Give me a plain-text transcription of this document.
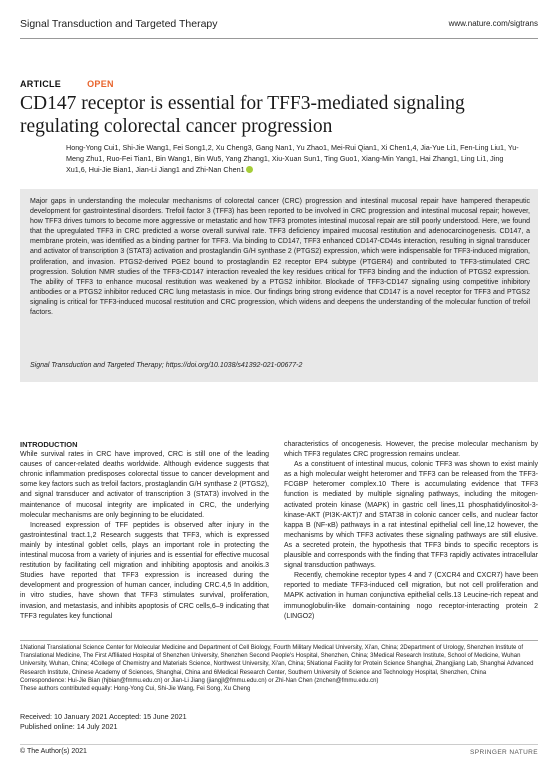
Signal Transduction and Targeted Therapy	www.nature.com/sigtrans
ARTICLE	OPEN
CD147 receptor is essential for TFF3-mediated signaling regulating colorectal cancer progression
Hong-Yong Cui1, Shi-Jie Wang1, Fei Song1,2, Xu Cheng3, Gang Nan1, Yu Zhao1, Mei-Rui Qian1, Xi Chen1,4, Jia-Yue Li1, Fen-Ling Liu1, Yu-Meng Zhu1, Ruo-Fei Tian1, Bin Wang1, Bin Wu5, Yang Zhang1, Xiu-Xuan Sun1, Ting Guo1, Xiang-Min Yang1, Hai Zhang1, Ling Li1, Jing Xu1,6, Hui-Jie Bian1, Jian-Li Jiang1 and Zhi-Nan Chen1
Major gaps in understanding the molecular mechanisms of colorectal cancer (CRC) progression and intestinal mucosal repair have hampered therapeutic development for gastrointestinal disorders. Trefoil factor 3 (TFF3) has been reported to be involved in CRC progression and intestinal mucosal repair; however, how TFF3 drives tumors to become more aggressive or metastatic and how TFF3 promotes intestinal mucosal repair are still poorly understood. Here, we found that the upregulated TFF3 in CRC predicted a worse overall survival rate. TFF3 deficiency impaired mucosal restitution and adenocarcinogenesis. CD147, a membrane protein, was identified as a binding partner for TFF3. Via binding to CD147, TFF3 enhanced CD147-CD44s interaction, resulting in signal transducer and activator of transcription 3 (STAT3) activation and prostaglandin G/H synthase 2 (PTGS2) expression, which were indispensable for TFF3-induced migration, proliferation, and invasion. PTGS2-derived PGE2 bound to prostaglandin E2 receptor EP4 subtype (PTGER4) and contributed to TFF3-stimulated CRC progression. Solution NMR studies of the TFF3-CD147 interaction revealed the key residues critical for TFF3 binding and the induction of PTGS2 expression. The ability of TFF3 to enhance mucosal restitution was weakened by a PTGS2 inhibitor. Blockade of TFF3-CD147 signaling using competitive inhibitory antibodies or a PTGS2 inhibitor reduced CRC lung metastasis in mice. Our findings bring strong evidence that CD147 is a novel receptor for TFF3 and PTGS2 signaling is critical for TFF3-induced mucosal restitution and CRC progression, which widens and deepens the understanding of the molecular function of trefoil factors.
Signal Transduction and Targeted Therapy; https://doi.org/10.1038/s41392-021-00677-2
INTRODUCTION

While survival rates in CRC have improved, CRC is still one of the leading causes of cancer-related deaths worldwide. Although evidence suggests that chronic inflammation predisposes colorectal tissue to cancer development and some key factors such as trefoil factors, prostaglandin G/H synthase 2 (PTGS2), and signal transducer and activator of transcription 3 (STAT3) involved in the maintenance of mucosal integrity are implicated in CRC, the underlying molecular mechanisms are only beginning to be elucidated.

Increased expression of TFF peptides is observed after injury in the gastrointestinal tract.1,2 Research suggests that TFF3, which is expressed mainly by intestinal goblet cells, plays an important role in protecting the intestinal mucosa from a variety of injuries and is essential for effective mucosal restitution by facilitating cell migration and inhibiting apoptosis and anoikis.3 Studies have reported that TFF3 expression is increased during the development and progression of human cancer, including CRC.4,5 In addition, in vitro studies, have shown that TFF3 stimulates survival, proliferation, invasion, and metastasis, and inhibits apoptosis of CRC cells,6–9 indicating that TFF3 regulates key functional

characteristics of oncogenesis. However, the precise molecular mechanism by which TFF3 regulates CRC progression remains unclear.

As a constituent of intestinal mucus, colonic TFF3 was shown to exist mainly as a high molecular weight heteromer and TFF3 can be released from the TFF3-FCGBP heteromer complex.10 There is accumulating evidence that TFF3 function is mediated by multiple signaling pathways, including the mitogen-activated protein kinase (MAPK) in gastric cell lines,11 phosphatidylinositol-3-kinase-AKT (PI3K-AKT)7 and STAT38 in colonic cancer cells, and nuclear factor kappa B (NF-κB) pathways in a rat intestinal epithelial cell line,12 however, the mechanisms by which TFF3 activates these signaling pathways are still elusive. As a secreted protein, the hypothesis that TFF3 binds to specific receptors is plausible and corresponds with the finding that TFF3 rapidly activates intracellular signal transduction pathways.

Recently, chemokine receptor types 4 and 7 (CXCR4 and CXCR7) have been reported to mediate TFF3-induced cell migration, but not cell proliferation and MAPK activation in human conjunctiva epithelial cells.13 Leucine-rich repeat and immunoglobulin-like domain-containing nogo receptor-interacting protein 2 (LINGO2)

1National Translational Science Center for Molecular Medicine and Department of Cell Biology, Fourth Military Medical University, Xi'an, China; 2Department of Urology, Shenzhen Institute of Translational Medicine, The First Affiliated Hospital of Shenzhen University, Shenzhen Second People's Hospital, Shenzhen, China; 3Medical Research Institute, School of Medicine, Wuhan University, Wuhan, China; 4College of Chemistry and Materials Science, Northwest University, Xi'an, China; 5National Facility for Protein Science Shanghai, Zhangjiang Lab, Shanghai Advanced Research Institute, Chinese Academy of Sciences, Shanghai, China and 6Medical Research Center, Southern University of Science and Technology Hospital, Shenzhen, China
Correspondence: Hui-Jie Bian (hjbian@fmmu.edu.cn) or Jian-Li Jiang (jiangjl@fmmu.edu.cn) or Zhi-Nan Chen (znchen@fmmu.edu.cn)
These authors contributed equally: Hong-Yong Cui, Shi-Jie Wang, Fei Song, Xu Cheng
Received: 10 January 2021 Accepted: 15 June 2021
Published online: 14 July 2021
© The Author(s) 2021	SPRINGER NATURE
